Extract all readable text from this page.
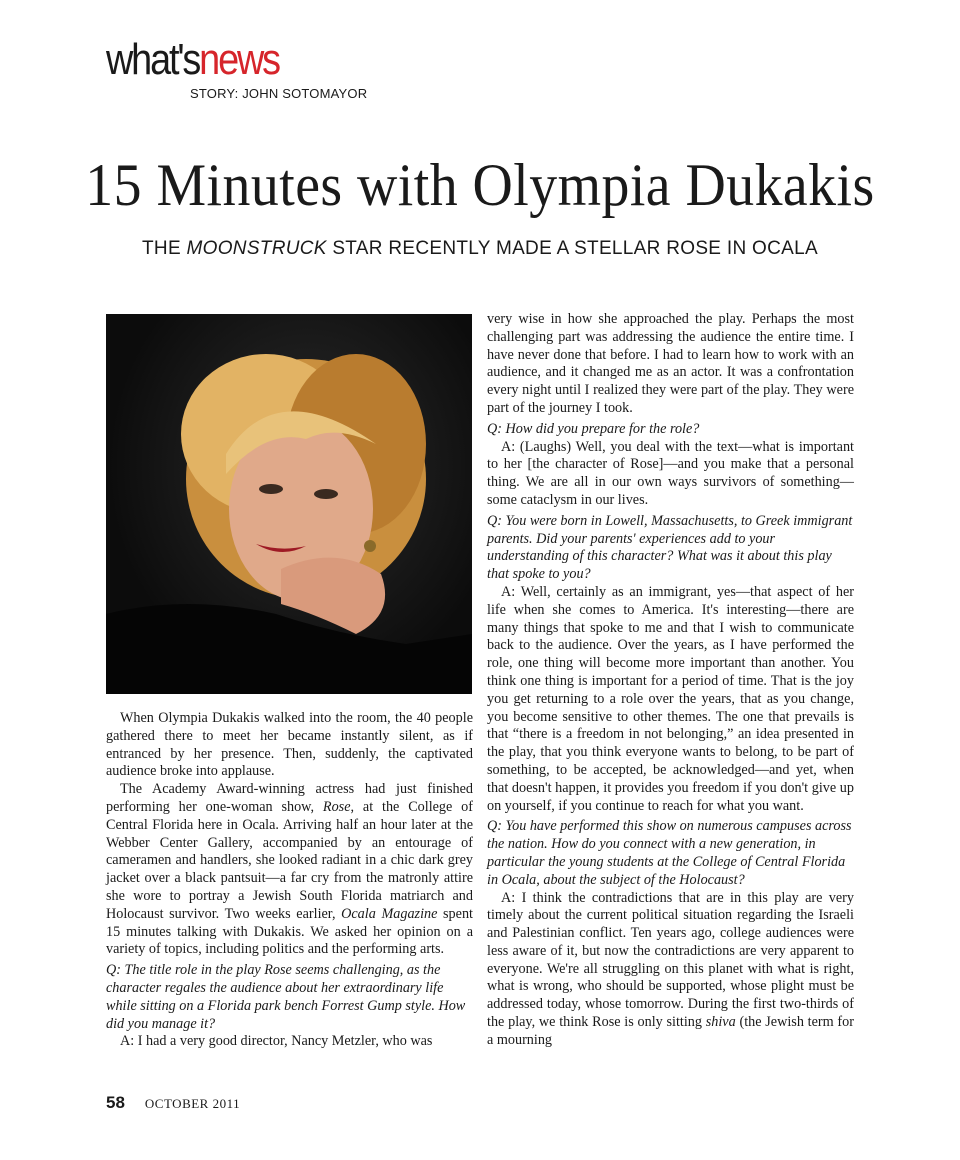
what'snews
STORY: JOHN SOTOMAYOR
15 Minutes with Olympia Dukakis
THE MOONSTRUCK STAR RECENTLY MADE A STELLAR ROSE IN OCALA

When Olympia Dukakis walked into the room, the 40 people gathered there to meet her became instantly silent, as if entranced by her presence. Then, suddenly, the captivated audience broke into applause.

The Academy Award-winning actress had just finished performing her one-woman show, Rose, at the College of Central Florida here in Ocala. Arriving half an hour later at the Webber Center Gallery, accompanied by an entourage of cameramen and handlers, she looked radiant in a chic dark grey jacket over a black pantsuit—a far cry from the matronly attire she wore to portray a Jewish South Florida matriarch and Holocaust survivor. Two weeks earlier, Ocala Magazine spent 15 minutes talking with Dukakis. We asked her opinion on a variety of topics, including politics and the performing arts.

Q: The title role in the play Rose seems challenging, as the character regales the audience about her extraordinary life while sitting on a Florida park bench Forrest Gump style. How did you manage it?

A: I had a very good director, Nancy Metzler, who was

very wise in how she approached the play. Perhaps the most challenging part was addressing the audience the entire time. I have never done that before. I had to learn how to work with an audience, and it changed me as an actor. It was a confrontation every night until I realized they were part of the play. They were part of the journey I took.

Q: How did you prepare for the role?

A: (Laughs) Well, you deal with the text—what is important to her [the character of Rose]—and you make that a personal thing. We are all in our own ways survivors of something—some cataclysm in our lives.

Q: You were born in Lowell, Massachusetts, to Greek immigrant parents. Did your parents' experiences add to your understanding of this character? What was it about this play that spoke to you?

A: Well, certainly as an immigrant, yes—that aspect of her life when she comes to America. It's interesting—there are many things that spoke to me and that I wish to communicate back to the audience. Over the years, as I have performed the role, one thing will become more important than another. You think one thing is important for a period of time. That is the joy you get returning to a role over the years, that as you change, you become sensitive to other themes. The one that prevails is that “there is a freedom in not belonging,” an idea presented in the play, that you think everyone wants to belong, to be part of something, to be accepted, be acknowledged—and yet, when that doesn't happen, it provides you freedom if you don't give up on yourself, if you continue to reach for what you want.

Q: You have performed this show on numerous campuses across the nation. How do you connect with a new generation, in particular the young students at the College of Central Florida in Ocala, about the subject of the Holocaust?

A: I think the contradictions that are in this play are very timely about the current political situation regarding the Israeli and Palestinian conflict. Ten years ago, college audiences were less aware of it, but now the contradictions are very apparent to everyone. We're all struggling on this planet with what is right, what is wrong, who should be supported, whose plight must be addressed today, whose tomorrow. During the first two-thirds of the play, we think Rose is only sitting shiva (the Jewish term for a mourning

58 OCTOBER 2011
